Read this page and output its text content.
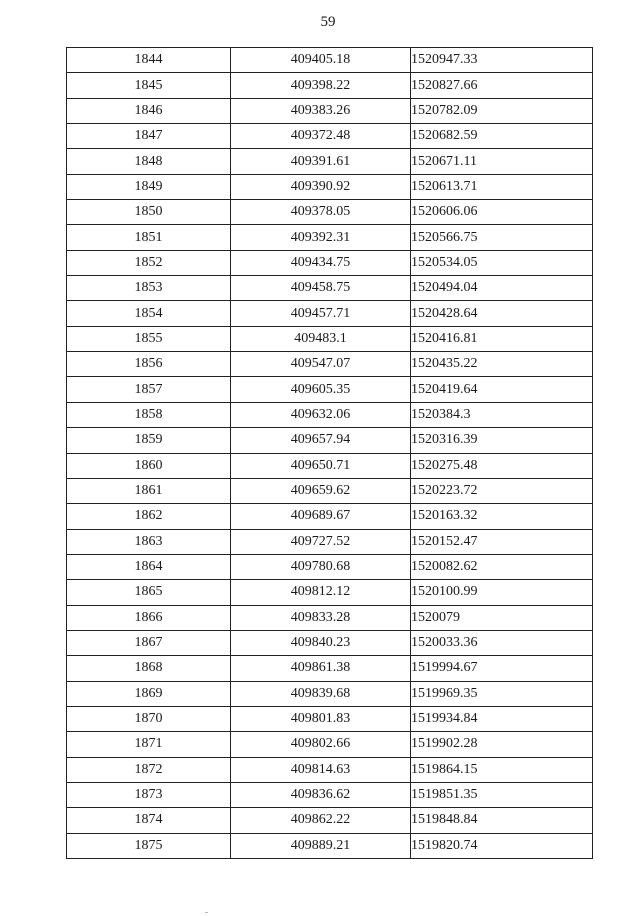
59
1844	409405.18	1520947.33
1845	409398.22	1520827.66
1846	409383.26	1520782.09
1847	409372.48	1520682.59
1848	409391.61	1520671.11
1849	409390.92	1520613.71
1850	409378.05	1520606.06
1851	409392.31	1520566.75
1852	409434.75	1520534.05
1853	409458.75	1520494.04
1854	409457.71	1520428.64
1855	409483.1	1520416.81
1856	409547.07	1520435.22
1857	409605.35	1520419.64
1858	409632.06	1520384.3
1859	409657.94	1520316.39
1860	409650.71	1520275.48
1861	409659.62	1520223.72
1862	409689.67	1520163.32
1863	409727.52	1520152.47
1864	409780.68	1520082.62
1865	409812.12	1520100.99
1866	409833.28	1520079
1867	409840.23	1520033.36
1868	409861.38	1519994.67
1869	409839.68	1519969.35
1870	409801.83	1519934.84
1871	409802.66	1519902.28
1872	409814.63	1519864.15
1873	409836.62	1519851.35
1874	409862.22	1519848.84
1875	409889.21	1519820.74
